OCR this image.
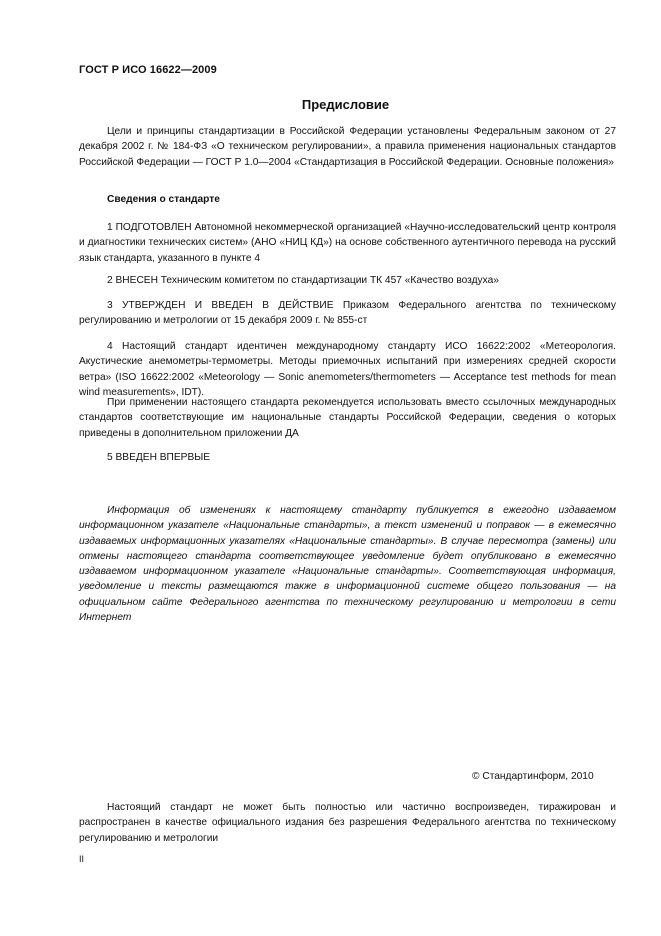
ГОСТ Р ИСО 16622—2009
Предисловие

Цели и принципы стандартизации в Российской Федерации установлены Федеральным законом от 27 декабря 2002 г. № 184-ФЗ «О техническом регулировании», а правила применения национальных стандартов Российской Федерации — ГОСТ Р 1.0—2004 «Стандартизация в Российской Федерации. Основные положения»

Сведения о стандарте

1 ПОДГОТОВЛЕН Автономной некоммерческой организацией «Научно-исследовательский центр контроля и диагностики технических систем» (АНО «НИЦ КД») на основе собственного аутентичного перевода на русский язык стандарта, указанного в пункте 4

2 ВНЕСЕН Техническим комитетом по стандартизации ТК 457 «Качество воздуха»

3 УТВЕРЖДЕН И ВВЕДЕН В ДЕЙСТВИЕ Приказом Федерального агентства по техническому регулированию и метрологии от 15 декабря 2009 г. № 855-ст

4 Настоящий стандарт идентичен международному стандарту ИСО 16622:2002 «Метеорология. Акустические анемометры-термометры. Методы приемочных испытаний при измерениях средней скорости ветра» (ISO 16622:2002 «Meteorology — Sonic anemometers/thermometers — Acceptance test methods for mean wind measurements», IDT).

При применении настоящего стандарта рекомендуется использовать вместо ссылочных международных стандартов соответствующие им национальные стандарты Российской Федерации, сведения о которых приведены в дополнительном приложении ДА

5 ВВЕДЕН ВПЕРВЫЕ

Информация об изменениях к настоящему стандарту публикуется в ежегодно издаваемом информационном указателе «Национальные стандарты», а текст изменений и поправок — в ежемесячно издаваемых информационных указателях «Национальные стандарты». В случае пересмотра (замены) или отмены настоящего стандарта соответствующее уведомление будет опубликовано в ежемесячно издаваемом информационном указателе «Национальные стандарты». Соответствующая информация, уведомление и тексты размещаются также в информационной системе общего пользования — на официальном сайте Федерального агентства по техническому регулированию и метрологии в сети Интернет

© Стандартинформ, 2010

Настоящий стандарт не может быть полностью или частично воспроизведен, тиражирован и распространен в качестве официального издания без разрешения Федерального агентства по техническому регулированию и метрологии

II
